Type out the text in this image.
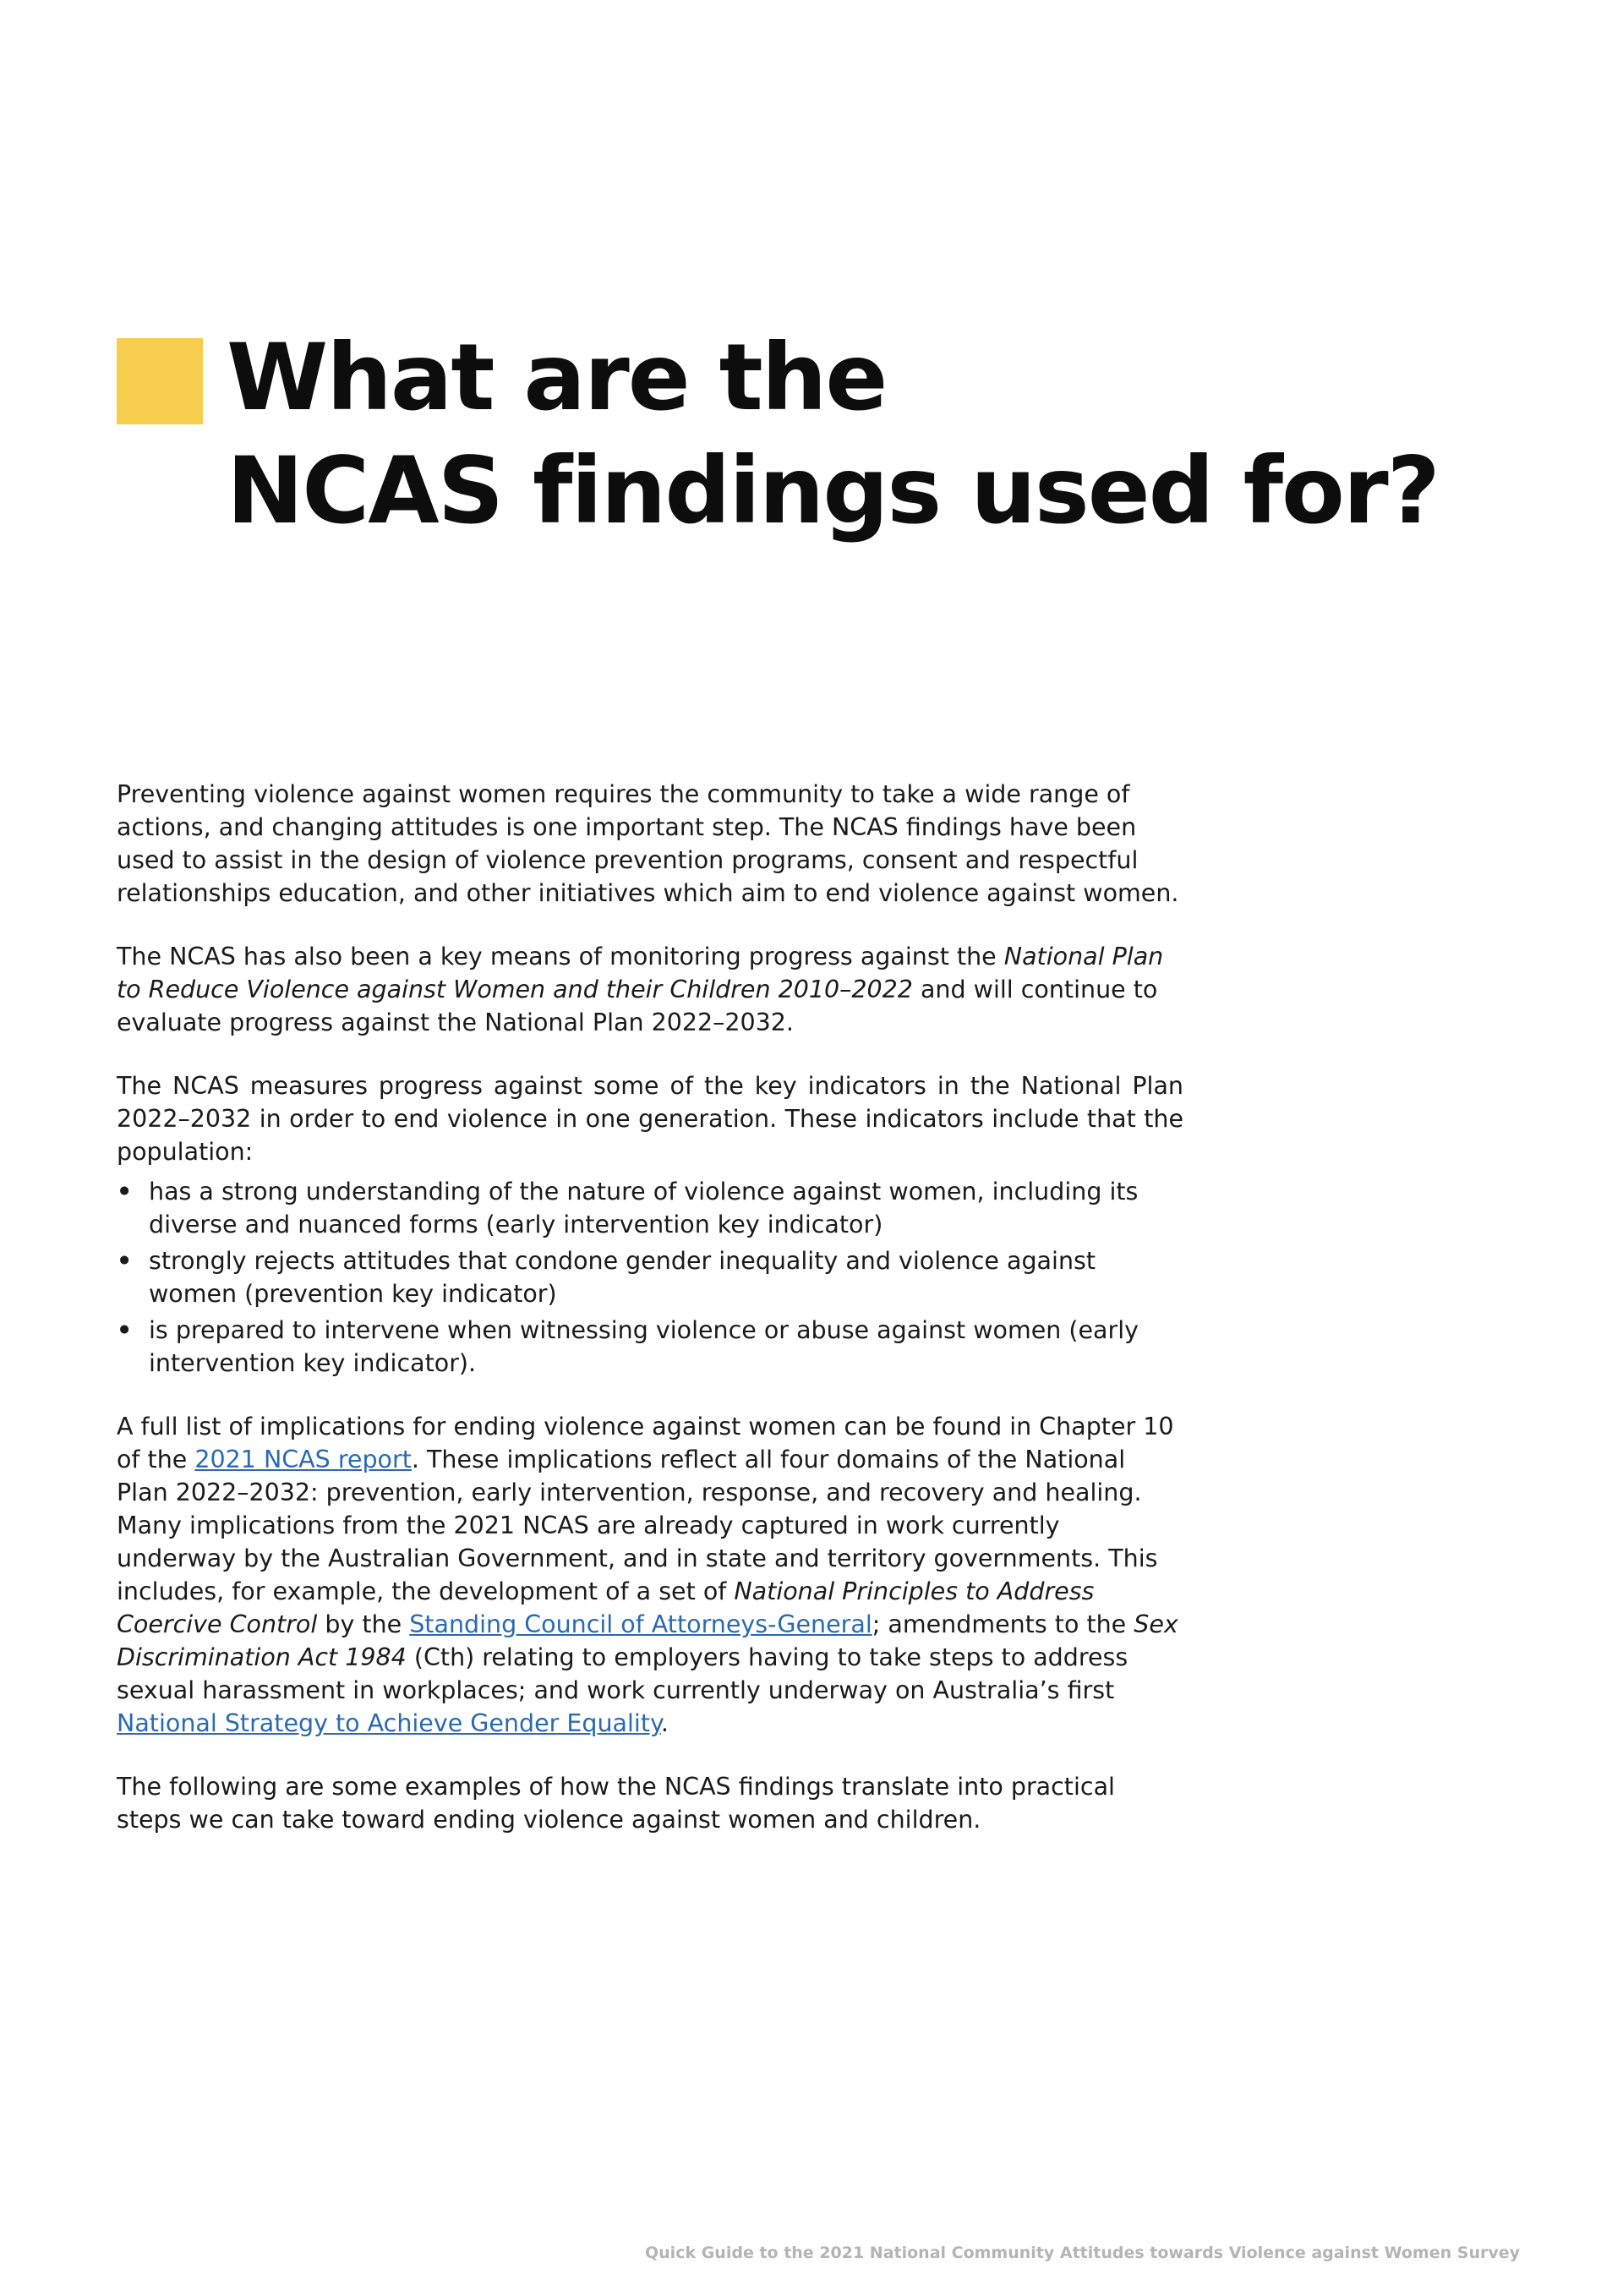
What are the
NCAS findings used for?

Preventing violence against women requires the community to take a wide range of actions, and changing attitudes is one important step. The NCAS findings have been used to assist in the design of violence prevention programs, consent and respectful relationships education, and other initiatives which aim to end violence against women.

The NCAS has also been a key means of monitoring progress against the National Plan to Reduce Violence against Women and their Children 2010–2022 and will continue to evaluate progress against the National Plan 2022–2032.

The NCAS measures progress against some of the key indicators in the National Plan 2022–2032 in order to end violence in one generation. These indicators include that the population:

• has a strong understanding of the nature of violence against women, including its diverse and nuanced forms (early intervention key indicator)
• strongly rejects attitudes that condone gender inequality and violence against women (prevention key indicator)
• is prepared to intervene when witnessing violence or abuse against women (early intervention key indicator).

A full list of implications for ending violence against women can be found in Chapter 10 of the 2021 NCAS report. These implications reflect all four domains of the National Plan 2022–2032: prevention, early intervention, response, and recovery and healing. Many implications from the 2021 NCAS are already captured in work currently underway by the Australian Government, and in state and territory governments. This includes, for example, the development of a set of National Principles to Address Coercive Control by the Standing Council of Attorneys-General; amendments to the Sex Discrimination Act 1984 (Cth) relating to employers having to take steps to address sexual harassment in workplaces; and work currently underway on Australia’s first National Strategy to Achieve Gender Equality.

The following are some examples of how the NCAS findings translate into practical steps we can take toward ending violence against women and children.

Quick Guide to the 2021 National Community Attitudes towards Violence against Women Survey
